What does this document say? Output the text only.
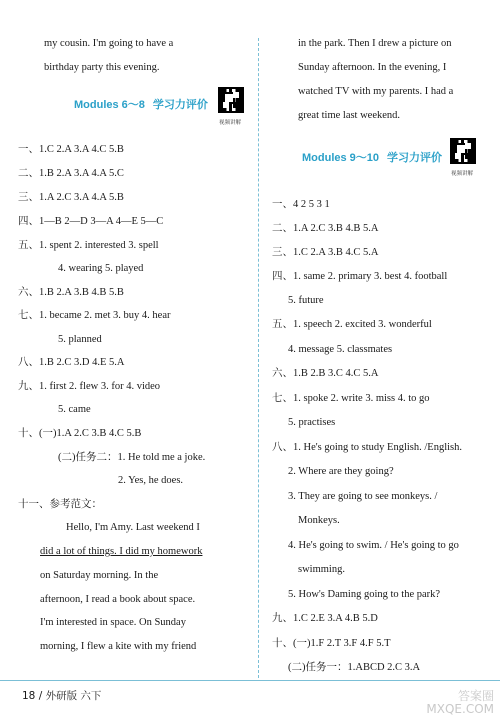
my cousin. I'm going to have a
birthday party this evening.
Modules 6～8 学习力评价
视频讲解
一、1.C 2.A 3.A 4.C 5.B
二、1.B 2.A 3.A 4.A 5.C
三、1.A 2.C 3.A 4.A 5.B
四、1—B 2—D 3—A 4—E 5—C
五、1. spent 2. interested 3. spell
4. wearing 5. played
六、1.B 2.A 3.B 4.B 5.B
七、1. became 2. met 3. buy 4. hear
5. planned
八、1.B 2.C 3.D 4.E 5.A
九、1. first 2. flew 3. for 4. video
5. came
十、(一)1.A 2.C 3.B 4.C 5.B
(二)任务二：1. He told me a joke.
2. Yes, he does.
十一、参考范文：
Hello, I'm Amy. Last weekend I
did a lot of things. I did my homework
on Saturday morning. In the
afternoon, I read a book about space.
I'm interested in space. On Sunday
morning, I flew a kite with my friend
in the park. Then I drew a picture on
Sunday afternoon. In the evening, I
watched TV with my parents. I had a
great time last weekend.
Modules 9～10 学习力评价
视频讲解
一、4 2 5 3 1
二、1.A 2.C 3.B 4.B 5.A
三、1.C 2.A 3.B 4.C 5.A
四、1. same 2. primary 3. best 4. football
5. future
五、1. speech 2. excited 3. wonderful
4. message 5. classmates
六、1.B 2.B 3.C 4.C 5.A
七、1. spoke 2. write 3. miss 4. to go
5. practises
八、1. He's going to study English. /English.
2. Where are they going?
3. They are going to see monkeys. /
Monkeys.
4. He's going to swim. / He's going to go
swimming.
5. How's Daming going to the park?
九、1.C 2.E 3.A 4.B 5.D
十、(一)1.F 2.T 3.F 4.F 5.T
(二)任务一：1.ABCD 2.C 3.A
18 / 外研版 六下	答案圈
MXQE.COM
